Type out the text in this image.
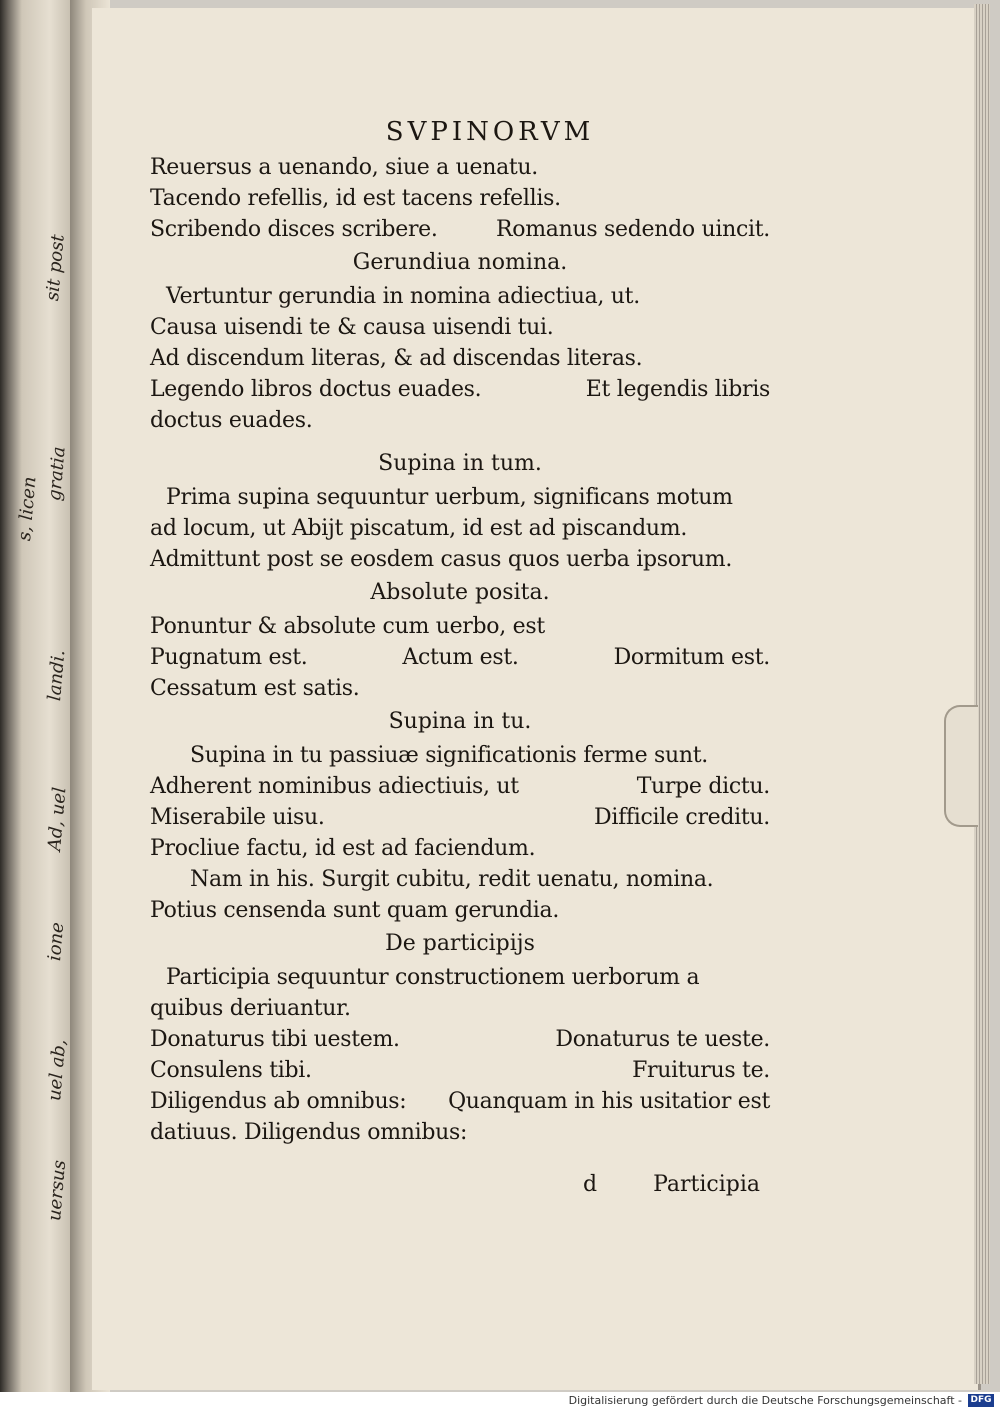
sit post
gratia
s, licen
landi.
Ad, uel
ione
uel ab,
uersus
SVPINORVM
Reuersus a uenando, siue a uenatu.
Tacendo refellis, id est tacens refellis.
Scribendo disces scribere.	Romanus sedendo uincit.
Gerundiua nomina.
Vertuntur gerundia in nomina adiectiua, ut.
Causa uisendi te & causa uisendi tui.
Ad discendum literas, & ad discendas literas.
Legendo libros doctus euades.	Et legendis libris
doctus euades.
Supina in tum.
Prima supina sequuntur uerbum, significans motum
ad locum, ut Abijt piscatum, id est ad piscandum.
Admittunt post se eosdem casus quos uerba ipsorum.
Absolute posita.
Ponuntur & absolute cum uerbo, est
Pugnatum est.	Actum est.	Dormitum est.
Cessatum est satis.
Supina in tu.
Supina in tu passiuæ significationis ferme sunt.
Adherent nominibus adiectiuis, ut	Turpe dictu.
Miserabile uisu.	Difficile creditu.
Procliue factu, id est ad faciendum.
Nam in his. Surgit cubitu, redit uenatu, nomina.
Potius censenda sunt quam gerundia.
De participijs
Participia sequuntur constructionem uerborum a
quibus deriuantur.
Donaturus tibi uestem.	Donaturus te ueste.
Consulens tibi.	Fruiturus te.
Diligendus ab omnibus: Quanquam in his usitatior est
datiuus. Diligendus omnibus:
d	Participia
Digitalisierung gefördert durch die Deutsche Forschungsgemeinschaft - DFG
